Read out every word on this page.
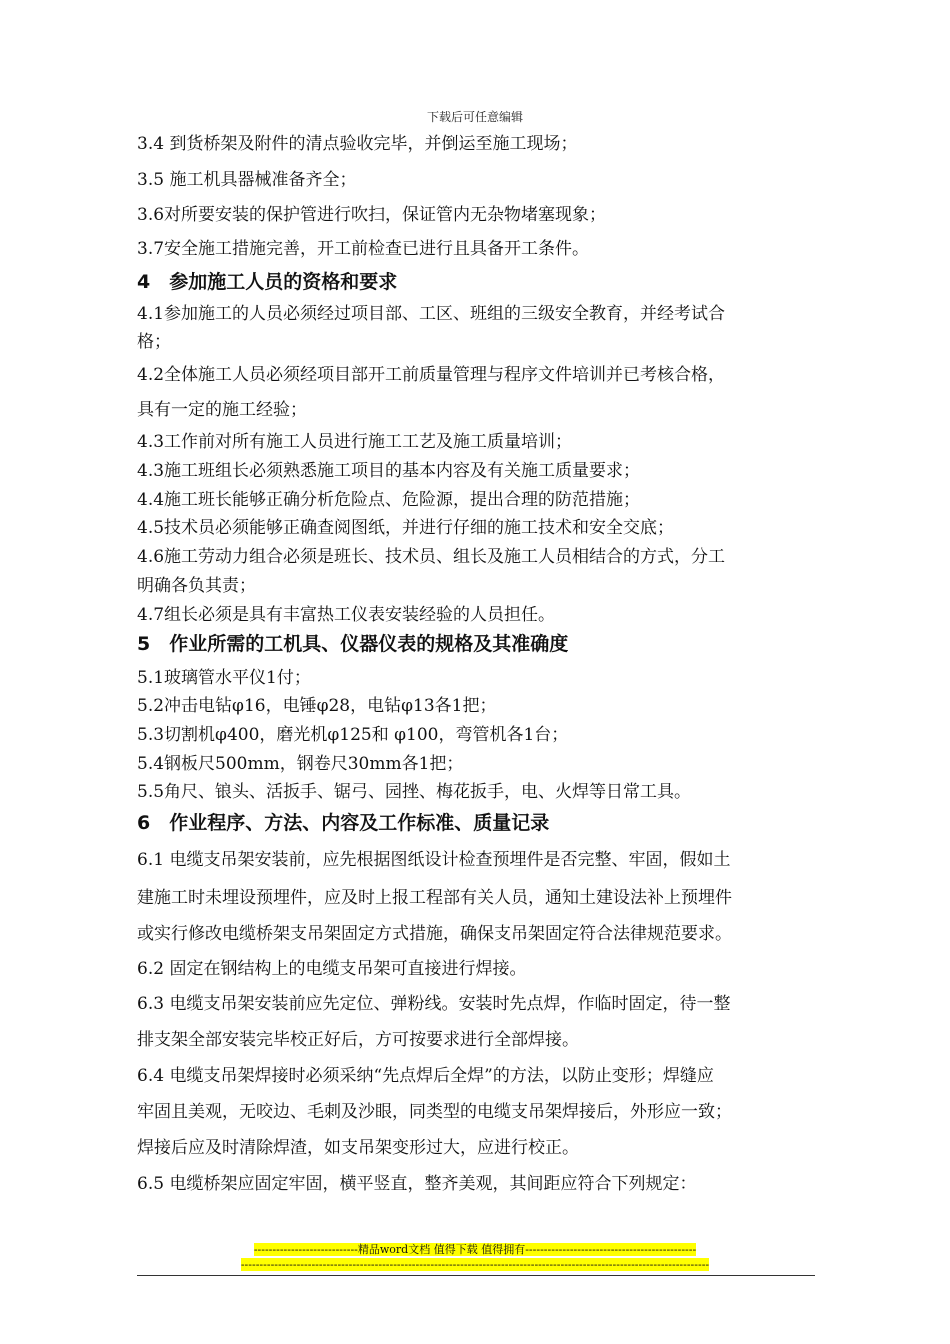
下载后可任意编辑
3.4 到货桥架及附件的清点验收完毕，并倒运至施工现场；
3.5 施工机具器械准备齐全；
3.6对所要安装的保护管进行吹扫，保证管内无杂物堵塞现象；
3.7安全施工措施完善，开工前检查已进行且具备开工条件。
4　参加施工人员的资格和要求
4.1参加施工的人员必须经过项目部、工区、班组的三级安全教育，并经考试合
格；
4.2全体施工人员必须经项目部开工前质量管理与程序文件培训并已考核合格，
具有一定的施工经验；
4.3工作前对所有施工人员进行施工工艺及施工质量培训；
4.3施工班组长必须熟悉施工项目的基本内容及有关施工质量要求；
4.4施工班长能够正确分析危险点、危险源，提出合理的防范措施；
4.5技术员必须能够正确查阅图纸，并进行仔细的施工技术和安全交底；
4.6施工劳动力组合必须是班长、技术员、组长及施工人员相结合的方式，分工
明确各负其责；
4.7组长必须是具有丰富热工仪表安装经验的人员担任。
5　作业所需的工机具、仪器仪表的规格及其准确度
5.1玻璃管水平仪1付；
5.2冲击电钻φ16，电锤φ28，电钻φ13各1把；
5.3切割机φ400，磨光机φ125和 φ100，弯管机各1台；
5.4钢板尺500mm，钢卷尺30mm各1把；
5.5角尺、锒头、活扳手、锯弓、园挫、梅花扳手，电、火焊等日常工具。
6　作业程序、方法、内容及工作标准、质量记录
6.1 电缆支吊架安装前，应先根据图纸设计检查预埋件是否完整、牢固，假如土
建施工时未埋设预埋件，应及时上报工程部有关人员，通知土建设法补上预埋件
或实行修改电缆桥架支吊架固定方式措施，确保支吊架固定符合法律规范要求。
6.2 固定在钢结构上的电缆支吊架可直接进行焊接。
6.3 电缆支吊架安装前应先定位、弹粉线。安装时先点焊，作临时固定，待一整
排支架全部安装完毕校正好后，方可按要求进行全部焊接。
6.4 电缆支吊架焊接时必须采纳“先点焊后全焊”的方法，以防止变形；焊缝应
牢固且美观，无咬边、毛刺及沙眼，同类型的电缆支吊架焊接后，外形应一致；
焊接后应及时清除焊渣，如支吊架变形过大，应进行校正。
6.5 电缆桥架应固定牢固，横平竖直，整齐美观，其间距应符合下列规定：
----------------------------精品word文档 值得下载 值得拥有----------------------------------------------
------------------------------------------------------------------------------------------------------------------------------
